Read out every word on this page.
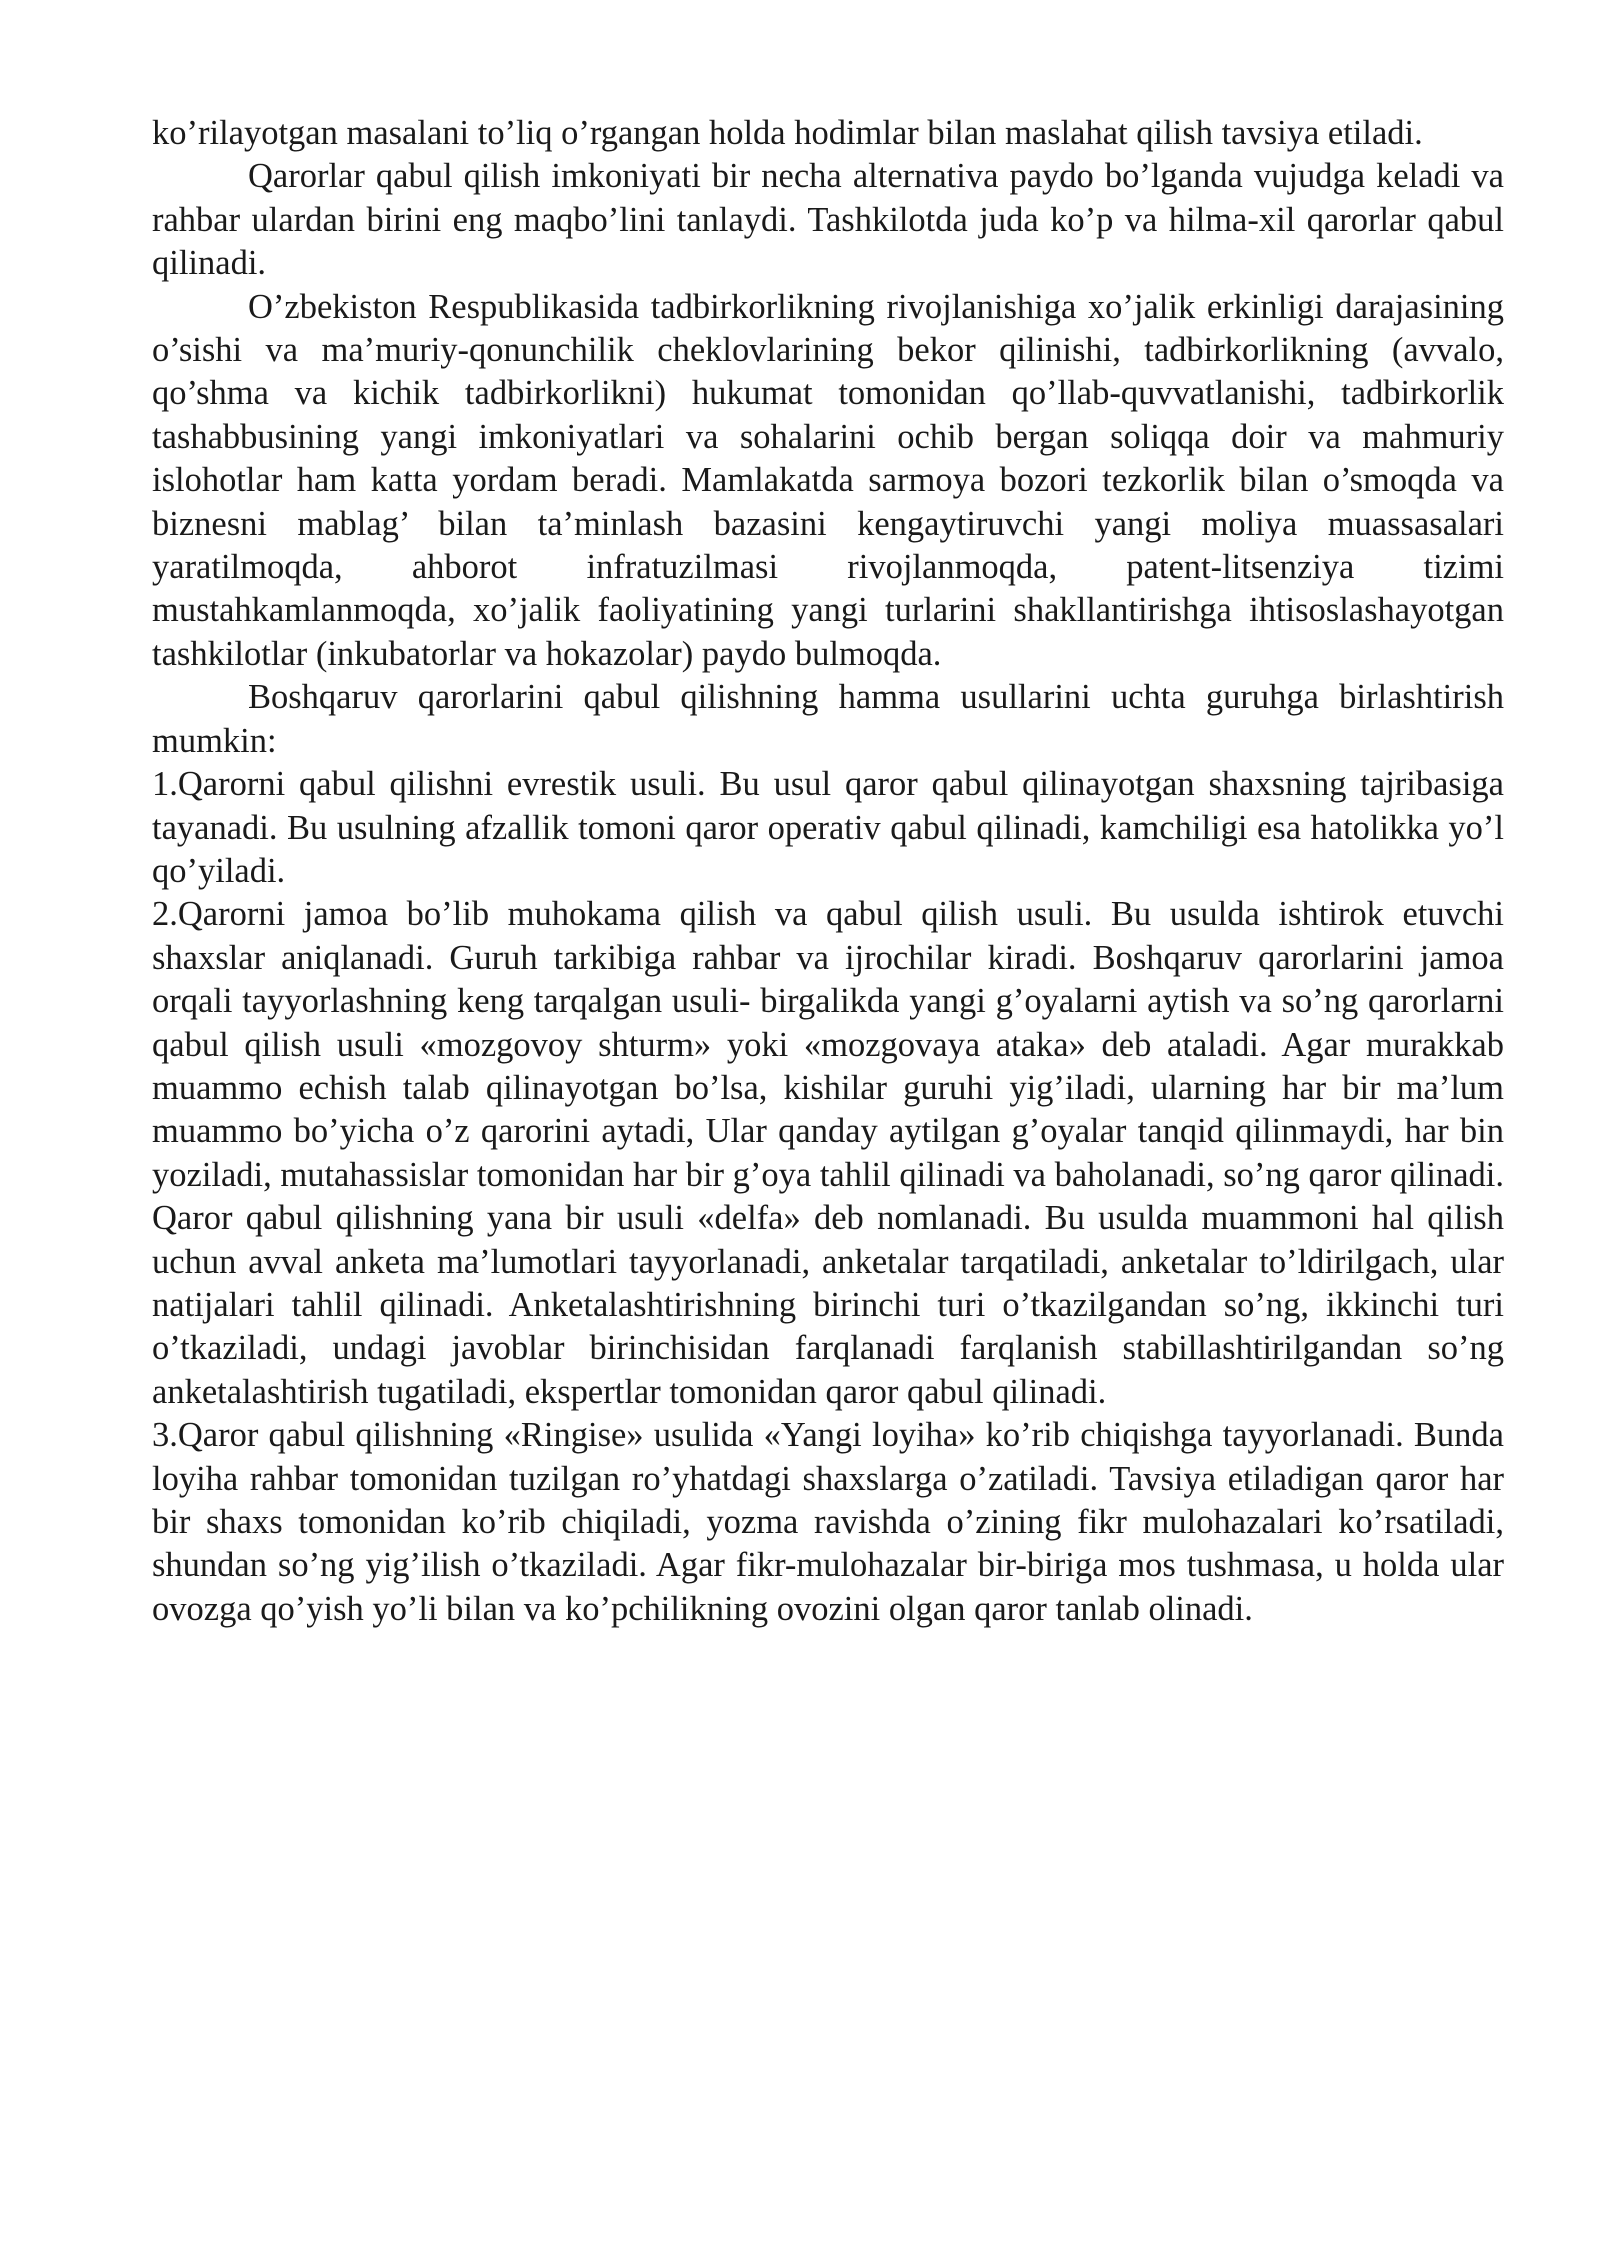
ko’rilayotgan masalani to’liq o’rgangan holda hodimlar bilan maslahat qilish tavsiya etiladi.

Qarorlar qabul qilish imkoniyati bir necha alternativa paydo bo’lganda vujudga keladi va rahbar ulardan birini eng maqbo’lini tanlaydi. Tashkilotda juda ko’p va hilma-xil qarorlar qabul qilinadi.

O’zbekiston Respublikasida tadbirkorlikning rivojlanishiga xo’jalik erkinligi darajasining o’sishi va ma’muriy-qonunchilik cheklovlarining bekor qilinishi, tadbirkorlikning (avvalo, qo’shma va kichik tadbirkorlikni) hukumat tomonidan qo’llab-quvvatlanishi, tadbirkorlik tashabbusining yangi imkoniyatlari va sohalarini ochib bergan soliqqa doir va mahmuriy islohotlar ham katta yordam beradi. Mamlakatda sarmoya bozori tezkorlik bilan o’smoqda va biznesni mablag’ bilan ta’minlash bazasini kengaytiruvchi yangi moliya muassasalari yaratilmoqda, ahborot infratuzilmasi rivojlanmoqda, patent-litsenziya tizimi mustahkamlanmoqda, xo’jalik faoliyatining yangi turlarini shakllantirishga ihtisoslashayotgan tashkilotlar (inkubatorlar va hokazolar) paydo bulmoqda.

Boshqaruv qarorlarini qabul qilishning hamma usullarini uchta guruhga birlashtirish mumkin:

1.Qarorni qabul qilishni evrestik usuli. Bu usul qaror qabul qilinayotgan shaxsning tajribasiga tayanadi. Bu usulning afzallik tomoni qaror operativ qabul qilinadi, kamchiligi esa hatolikka yo’l qo’yiladi.

2.Qarorni jamoa bo’lib muhokama qilish va qabul qilish usuli. Bu usulda ishtirok etuvchi shaxslar aniqlanadi. Guruh tarkibiga rahbar va ijrochilar kiradi. Boshqaruv qarorlarini jamoa orqali tayyorlashning keng tarqalgan usuli- birgalikda yangi g’oyalarni aytish va so’ng qarorlarni qabul qilish usuli «mozgovoy shturm» yoki «mozgovaya ataka» deb ataladi. Agar murakkab muammo echish talab qilinayotgan bo’lsa, kishilar guruhi yig’iladi, ularning har bir ma’lum muammo bo’yicha o’z qarorini aytadi, Ular qanday aytilgan g’oyalar tanqid qilinmaydi, har bin yoziladi, mutahassislar tomonidan har bir g’oya tahlil qilinadi va baholanadi, so’ng qaror qilinadi. Qaror qabul qilishning yana bir usuli «delfa» deb nomlanadi. Bu usulda muammoni hal qilish uchun avval anketa ma’lumotlari tayyorlanadi, anketalar tarqatiladi, anketalar to’ldirilgach, ular natijalari tahlil qilinadi. Anketalashtirishning birinchi turi o’tkazilgandan so’ng, ikkinchi turi o’tkaziladi, undagi javoblar birinchisidan farqlanadi farqlanish stabillashtirilgandan so’ng anketalashtirish tugatiladi, ekspertlar tomonidan qaror qabul qilinadi.

3.Qaror qabul qilishning «Ringise» usulida «Yangi loyiha» ko’rib chiqishga tayyorlanadi. Bunda loyiha rahbar tomonidan tuzilgan ro’yhatdagi shaxslarga o’zatiladi. Tavsiya etiladigan qaror har bir shaxs tomonidan ko’rib chiqiladi, yozma ravishda o’zining fikr mulohazalari ko’rsatiladi, shundan so’ng yig’ilish o’tkaziladi. Agar fikr-mulohazalar bir-biriga mos tushmasa, u holda ular ovozga qo’yish yo’li bilan va ko’pchilikning ovozini olgan qaror tanlab olinadi.
